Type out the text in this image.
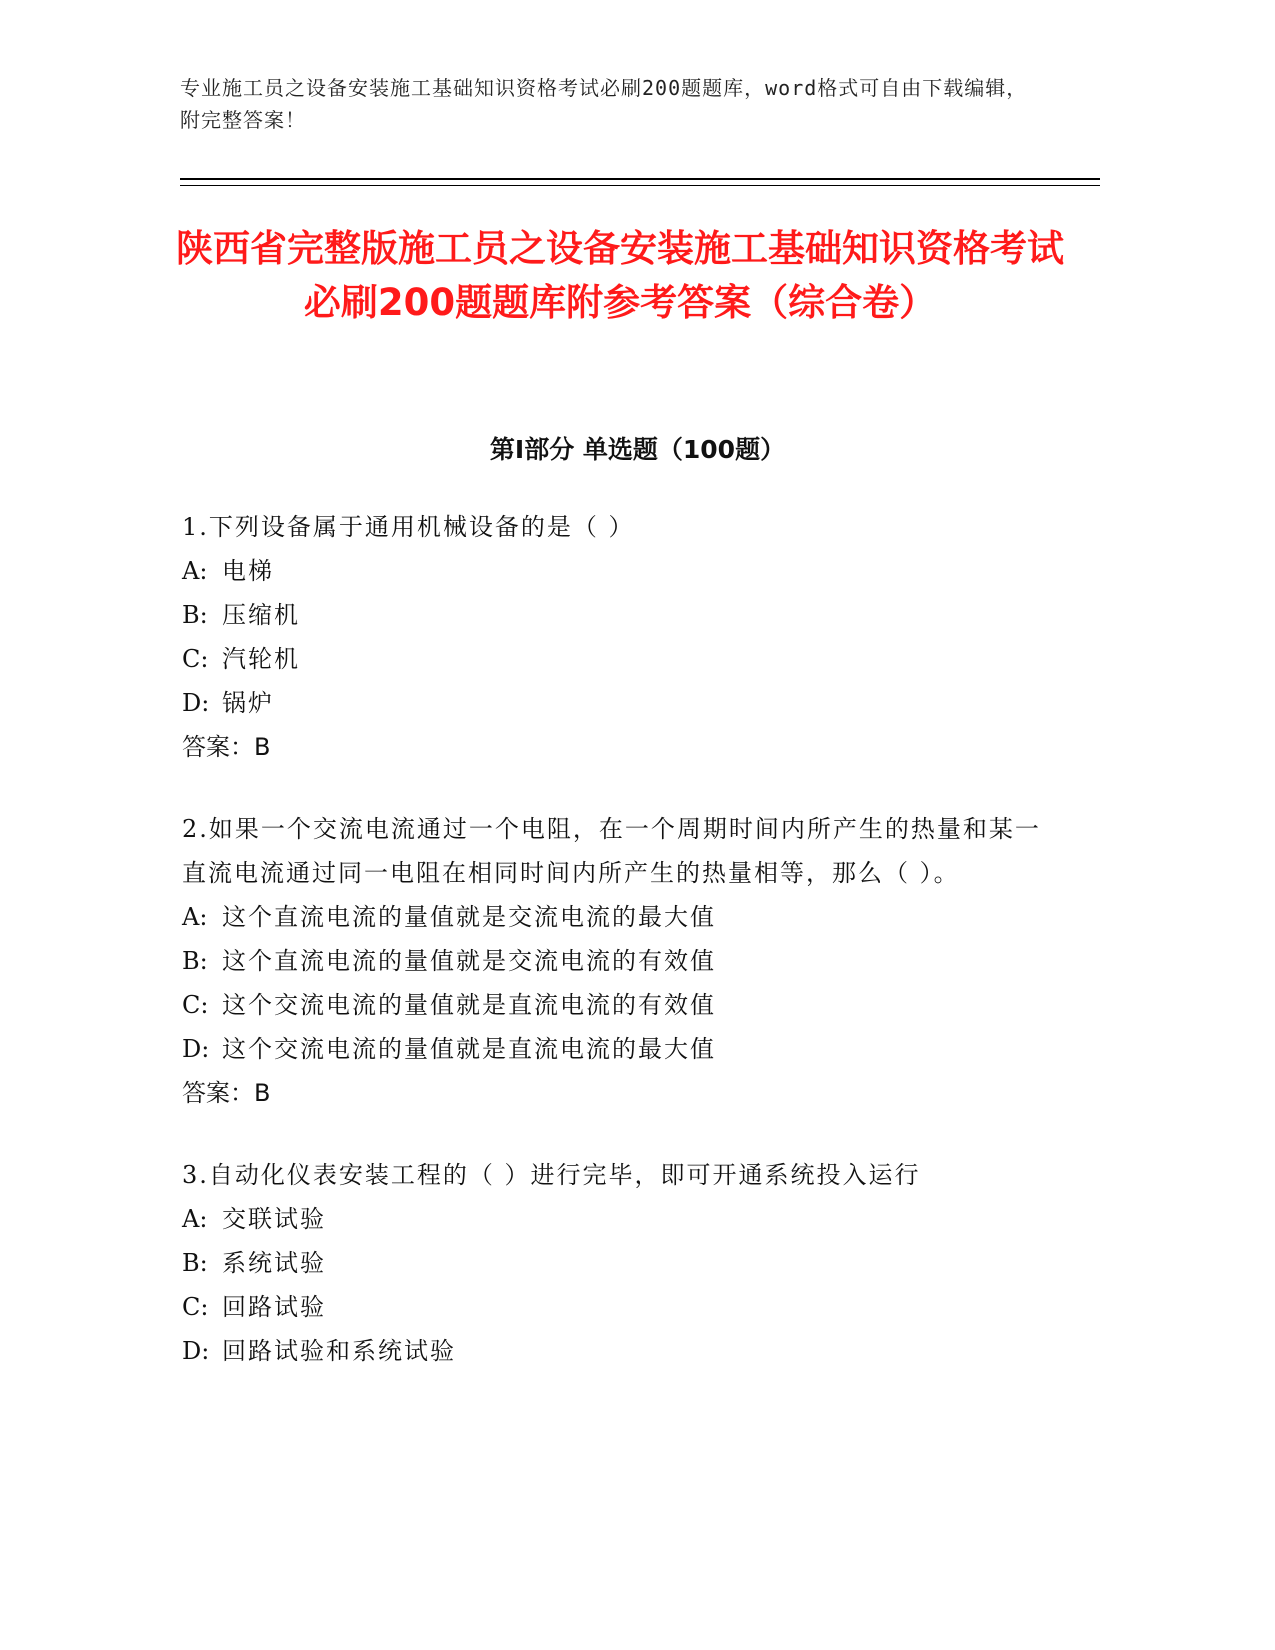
专业施工员之设备安装施工基础知识资格考试必刷200题题库，word格式可自由下载编辑，附完整答案！
陕西省完整版施工员之设备安装施工基础知识资格考试必刷200题题库附参考答案（综合卷）
第Ⅰ部分 单选题（100题）
1.下列设备属于通用机械设备的是（ ）
A: 电梯
B: 压缩机
C: 汽轮机
D: 锅炉
答案：B
2.如果一个交流电流通过一个电阻，在一个周期时间内所产生的热量和某一直流电流通过同一电阻在相同时间内所产生的热量相等，那么（ ）。
A: 这个直流电流的量值就是交流电流的最大值
B: 这个直流电流的量值就是交流电流的有效值
C: 这个交流电流的量值就是直流电流的有效值
D: 这个交流电流的量值就是直流电流的最大值
答案：B
3.自动化仪表安装工程的（ ）进行完毕，即可开通系统投入运行
A: 交联试验
B: 系统试验
C: 回路试验
D: 回路试验和系统试验
